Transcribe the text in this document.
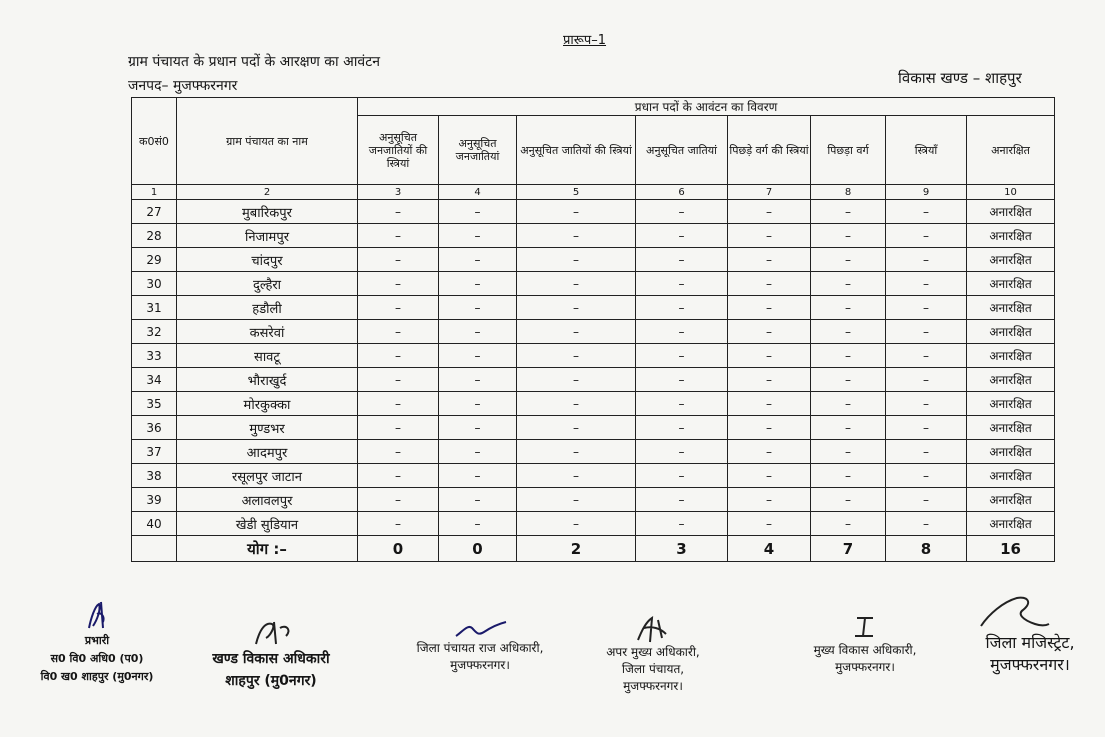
प्रारूप–1
ग्राम पंचायत के प्रधान पदों के आरक्षण का आवंटन
जनपद– मुजफ्फरनगर	विकास खण्ड – शाहपुर
क0सं0	ग्राम पंचायत का नाम	प्रधान पदों के आवंटन का विवरण							
		अनुसूचित जनजातियों की स्त्रियां	अनुसूचित जनजातियां	अनुसूचित जातियों की स्त्रियां	अनुसूचित जातियां	पिछड़े वर्ग की स्त्रियां	पिछड़ा वर्ग	स्त्रियाँ	अनारक्षित
1	2	3	4	5	6	7	8	9	10
27	मुबारिकपुर	–	–	–	–	–	–	–	अनारक्षित
28	निजामपुर	–	–	–	–	–	–	–	अनारक्षित
29	चांदपुर	–	–	–	–	–	–	–	अनारक्षित
30	दुल्हैरा	–	–	–	–	–	–	–	अनारक्षित
31	हडौली	–	–	–	–	–	–	–	अनारक्षित
32	कसरेवां	–	–	–	–	–	–	–	अनारक्षित
33	सावटू	–	–	–	–	–	–	–	अनारक्षित
34	भौराखुर्द	–	–	–	–	–	–	–	अनारक्षित
35	मोरकुक्का	–	–	–	–	–	–	–	अनारक्षित
36	मुण्डभर	–	–	–	–	–	–	–	अनारक्षित
37	आदमपुर	–	–	–	–	–	–	–	अनारक्षित
38	रसूलपुर जाटान	–	–	–	–	–	–	–	अनारक्षित
39	अलावलपुर	–	–	–	–	–	–	–	अनारक्षित
40	खेडी सुडियान	–	–	–	–	–	–	–	अनारक्षित
	योग :–	0	0	2	3	4	7	8	16
प्रभारी
स0 वि0 अधि0 (प0)
वि0 ख0 शाहपुर (मु0नगर)
खण्ड विकास अधिकारी
शाहपुर (मु0नगर)
जिला पंचायत राज अधिकारी,
मुजफ्फरनगर।
अपर मुख्य अधिकारी,
जिला पंचायत,
मुजफ्फरनगर।
मुख्य विकास अधिकारी,
मुजफ्फरनगर।
जिला मजिस्ट्रेट,
मुजफ्फरनगर।
